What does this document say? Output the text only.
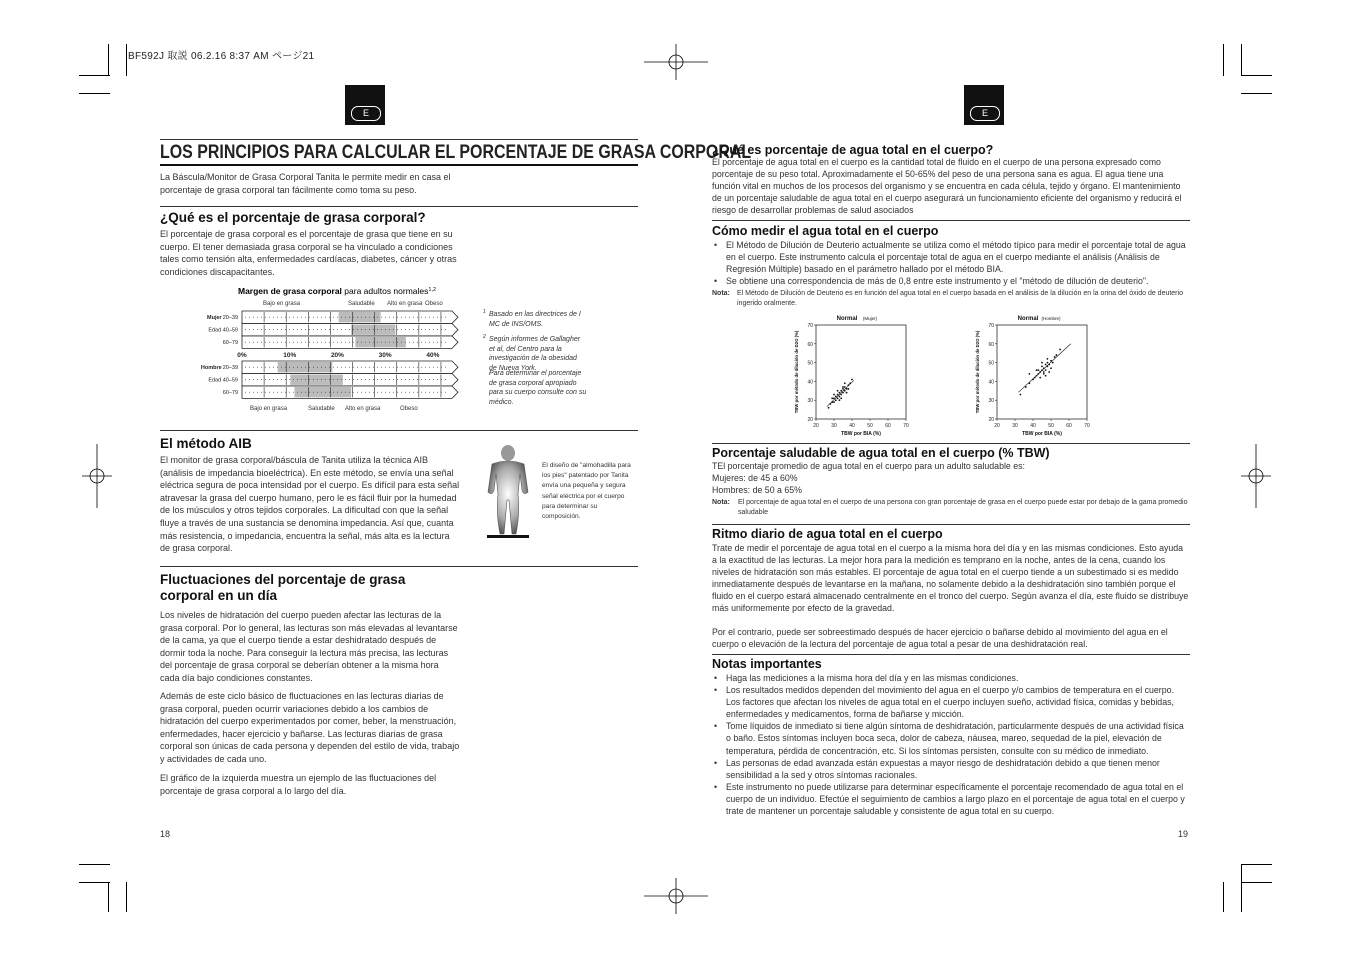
BF592J 取説 06.2.16 8:37 AM ページ21
E	E
LOS PRINCIPIOS PARA CALCULAR EL PORCENTAJE DE GRASA CORPORAL
La Báscula/Monitor de Grasa Corporal Tanita le permite medir en casa el porcentaje de grasa corporal tan fácilmente como toma su peso.
¿Qué es el porcentaje de grasa corporal?
El porcentaje de grasa corporal es el porcentaje de grasa que tiene en su cuerpo. El tener demasiada grasa corporal se ha vinculado a condiciones tales como tensión alta, enfermedades cardíacas, diabetes, cáncer y otras condiciones discapacitantes.
Margen de grasa corporal para adultos normales$^{1,2}$
Bajo en grasa	Saludable Alto en grasa Obeso
Bajo en grasa	Saludable Alto en grasa	Obeso
Mujer20–39
Edad 40–59
60–79
Hombre20–39
Edad 40–59
60–79
0%	10%	20%	30%	40%
1 Basado en las directrices de I MC de INS/OMS.
2 Según informes de Gallagher et al, del Centro para la investigación de la obesidad de Nueva York.
Para determinar el porcentaje de grasa corporal apropiado para su cuerpo consulte con su médico.
El método AIB
El monitor de grasa corporal/báscula de Tanita utiliza la técnica AIB (análisis de impedancia bioeléctrica). En este método, se envía una señal eléctrica segura de poca intensidad por el cuerpo. Es difícil para esta señal atravesar la grasa del cuerpo humano, pero le es fácil fluir por la humedad de los músculos y otros tejidos corporales. La dificultad con que la señal fluye a través de una sustancia se denomina impedancia. Así que, cuanta más resistencia, o impedancia, encuentra la señal, más alta es la lectura de grasa corporal.
El diseño de "almohadilla para los pies" patentado por Tanita envía una pequeña y segura señal eléctrica por el cuerpo para determinar su composición.
Fluctuaciones del porcentaje de grasa corporal en un día
Los niveles de hidratación del cuerpo pueden afectar las lecturas de la grasa corporal. Por lo general, las lecturas son más elevadas al levantarse de la cama, ya que el cuerpo tiende a estar deshidratado después de dormir toda la noche. Para conseguir la lectura más precisa, las lecturas del porcentaje de grasa corporal se deberían obtener a la misma hora cada día bajo condiciones constantes.
Además de este ciclo básico de fluctuaciones en las lecturas diarias de grasa corporal, pueden ocurrir variaciones debido a los cambios de hidratación del cuerpo experimentados por comer, beber, la menstruación, enfermedades, hacer ejercicio y bañarse. Las lecturas diarias de grasa corporal son únicas de cada persona y dependen del estilo de vida, trabajo y actividades de cada uno.
El gráfico de la izquierda muestra un ejemplo de las fluctuaciones del porcentaje de grasa corporal a lo largo del día.
18
¿Qué es porcentaje de agua total en el cuerpo?
El porcentaje de agua total en el cuerpo es la cantidad total de fluido en el cuerpo de una persona expresado como porcentaje de su peso total. Aproximadamente el 50-65% del peso de una persona sana es agua. El agua tiene una función vital en muchos de los procesos del organismo y se encuentra en cada célula, tejido y órgano. El mantenimiento de un porcentaje saludable de agua total en el cuerpo asegurará un funcionamiento eficiente del organismo y reducirá el riesgo de desarrollar problemas de salud asociados
Cómo medir el agua total en el cuerpo
• El Método de Dilución de Deuterio actualmente se utiliza como el método típico para medir el porcentaje total de agua en el cuerpo. Este instrumento calcula el porcentaje total de agua en el cuerpo mediante el análisis (Análisis de Regresión Múltiple) basado en el parámetro hallado por el método BIA.
• Se obtiene una correspondencia de más de 0,8 entre este instrumento y el "método de dilución de deuterio".
Nota:	El Método de Dilución de Deuterio es en función del agua total en el cuerpo basada en el análisis de la dilución en la orina del óxido de deuterio ingerido oralmente.
Normal (Mujer)
20 30 40 50 60 70
20
30
40
50
60
70
TBW por BIA (%)
TBW por método de dilución de D2O (%)
Normal (Hombre)
20 30 40 50 60 70
20
30
40
50
60
70
TBW por BIA (%)
TBW por método de dilución de D2O (%)
Porcentaje saludable de agua total en el cuerpo (% TBW)
TEl porcentaje promedio de agua total en el cuerpo para un adulto saludable es:
Mujeres: de 45 a 60%
Hombres: de 50 a 65%
Nota:	El porcentaje de agua total en el cuerpo de una persona con gran porcentaje de grasa en el cuerpo puede estar por debajo de la gama promedio saludable
Ritmo diario de agua total en el cuerpo
Trate de medir el porcentaje de agua total en el cuerpo a la misma hora del día y en las mismas condiciones. Esto ayuda a la exactitud de las lecturas. La mejor hora para la medición es temprano en la noche, antes de la cena, cuando los niveles de hidratación son más estables. El porcentaje de agua total en el cuerpo tiende a un subestimado si es medido inmediatamente después de levantarse en la mañana, no solamente debido a la deshidratación sino también porque el fluido en el cuerpo estará almacenado centralmente en el tronco del cuerpo. Según avanza el día, este fluido se distribuye más uniformemente por efecto de la gravedad.
Por el contrario, puede ser sobreestimado después de hacer ejercicio o bañarse debido al movimiento del agua en el cuerpo o elevación de la lectura del porcentaje de agua total a pesar de una deshidratación real.
Notas importantes
• Haga las mediciones a la misma hora del día y en las mismas condiciones.
• Los resultados medidos dependen del movimiento del agua en el cuerpo y/o cambios de temperatura en el cuerpo. Los factores que afectan los niveles de agua total en el cuerpo incluyen sueño, actividad física, comidas y bebidas, enfermedades y medicamentos, forma de bañarse y micción.
• Tome líquidos de inmediato si tiene algún síntoma de deshidratación, particularmente después de una actividad física o baño. Estos síntomas incluyen boca seca, dolor de cabeza, náusea, mareo, sequedad de la piel, elevación de temperatura, pérdida de concentración, etc. Si los síntomas persisten, consulte con su médico de inmediato.
• Las personas de edad avanzada están expuestas a mayor riesgo de deshidratación debido a que tienen menor sensibilidad a la sed y otros síntomas racionales.
• Este instrumento no puede utilizarse para determinar específicamente el porcentaje recomendado de agua total en el cuerpo de un individuo. Efectúe el seguimiento de cambios a largo plazo en el porcentaje de agua total en el cuerpo y trate de mantener un porcentaje saludable y consistente de agua total en su cuerpo.
19
